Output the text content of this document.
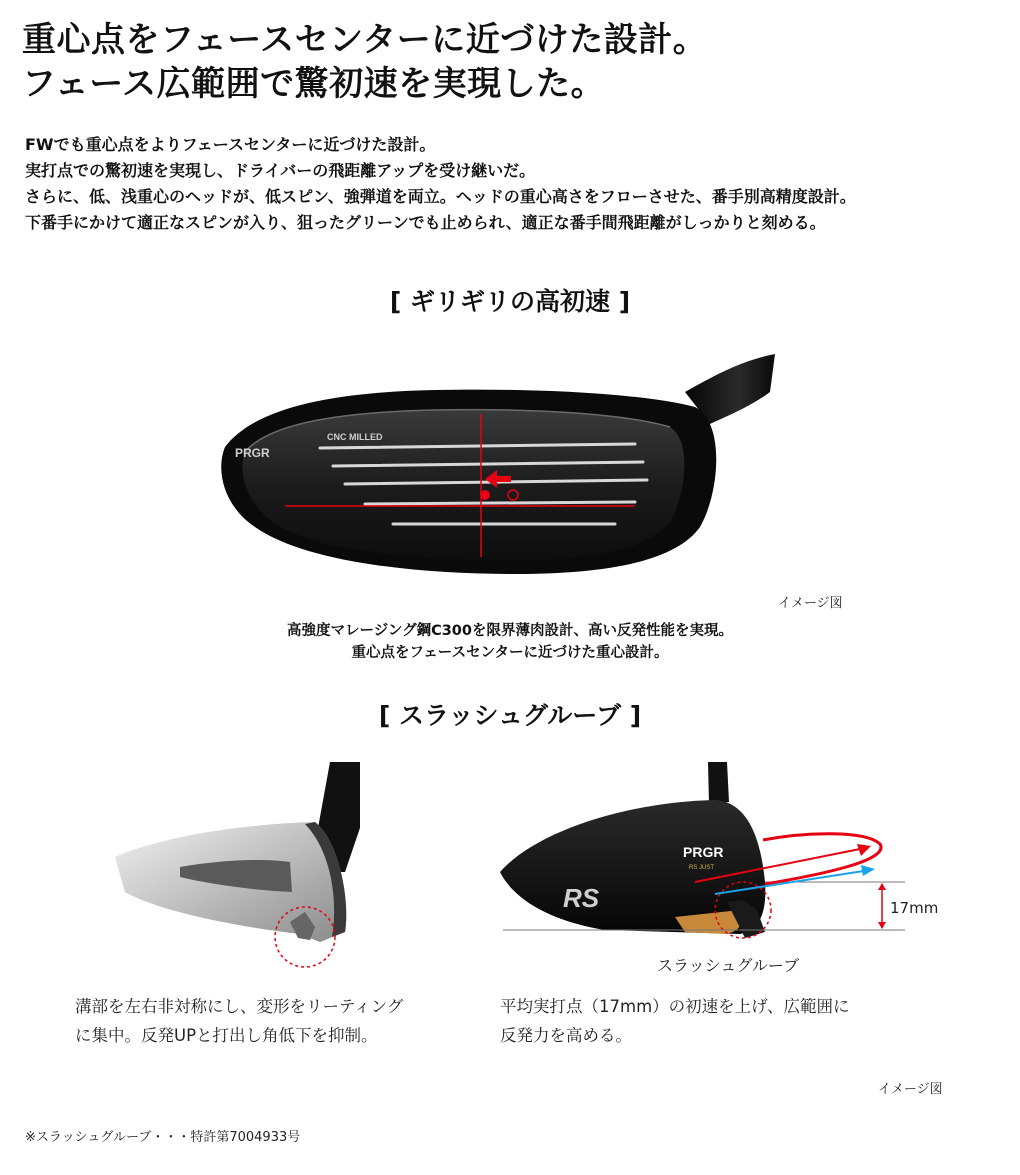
重心点をフェースセンターに近づけた設計。
フェース広範囲で驚初速を実現した。
FWでも重心点をよりフェースセンターに近づけた設計。
実打点での驚初速を実現し、ドライバーの飛距離アップを受け継いだ。
さらに、低、浅重心のヘッドが、低スピン、強弾道を両立。ヘッドの重心高さをフローさせた、番手別高精度設計。
下番手にかけて適正なスピンが入り、狙ったグリーンでも止められ、適正な番手間飛距離がしっかりと刻める。
[ ギリギリの高初速 ]
CNC MILLED
PRGR
イメージ図
高強度マレージング鋼C300を限界薄肉設計、高い反発性能を実現。
重心点をフェースセンターに近づけた重心設計。
[ スラッシュグルーブ ]
PRGR
RS JUST
RS	17mm
スラッシュグルーブ
溝部を左右非対称にし、変形をリーティング
に集中。反発UPと打出し角低下を抑制。
平均実打点（17mm）の初速を上げ、広範囲に
反発力を高める。
イメージ図
※スラッシュグルーブ・・・特許第7004933号
